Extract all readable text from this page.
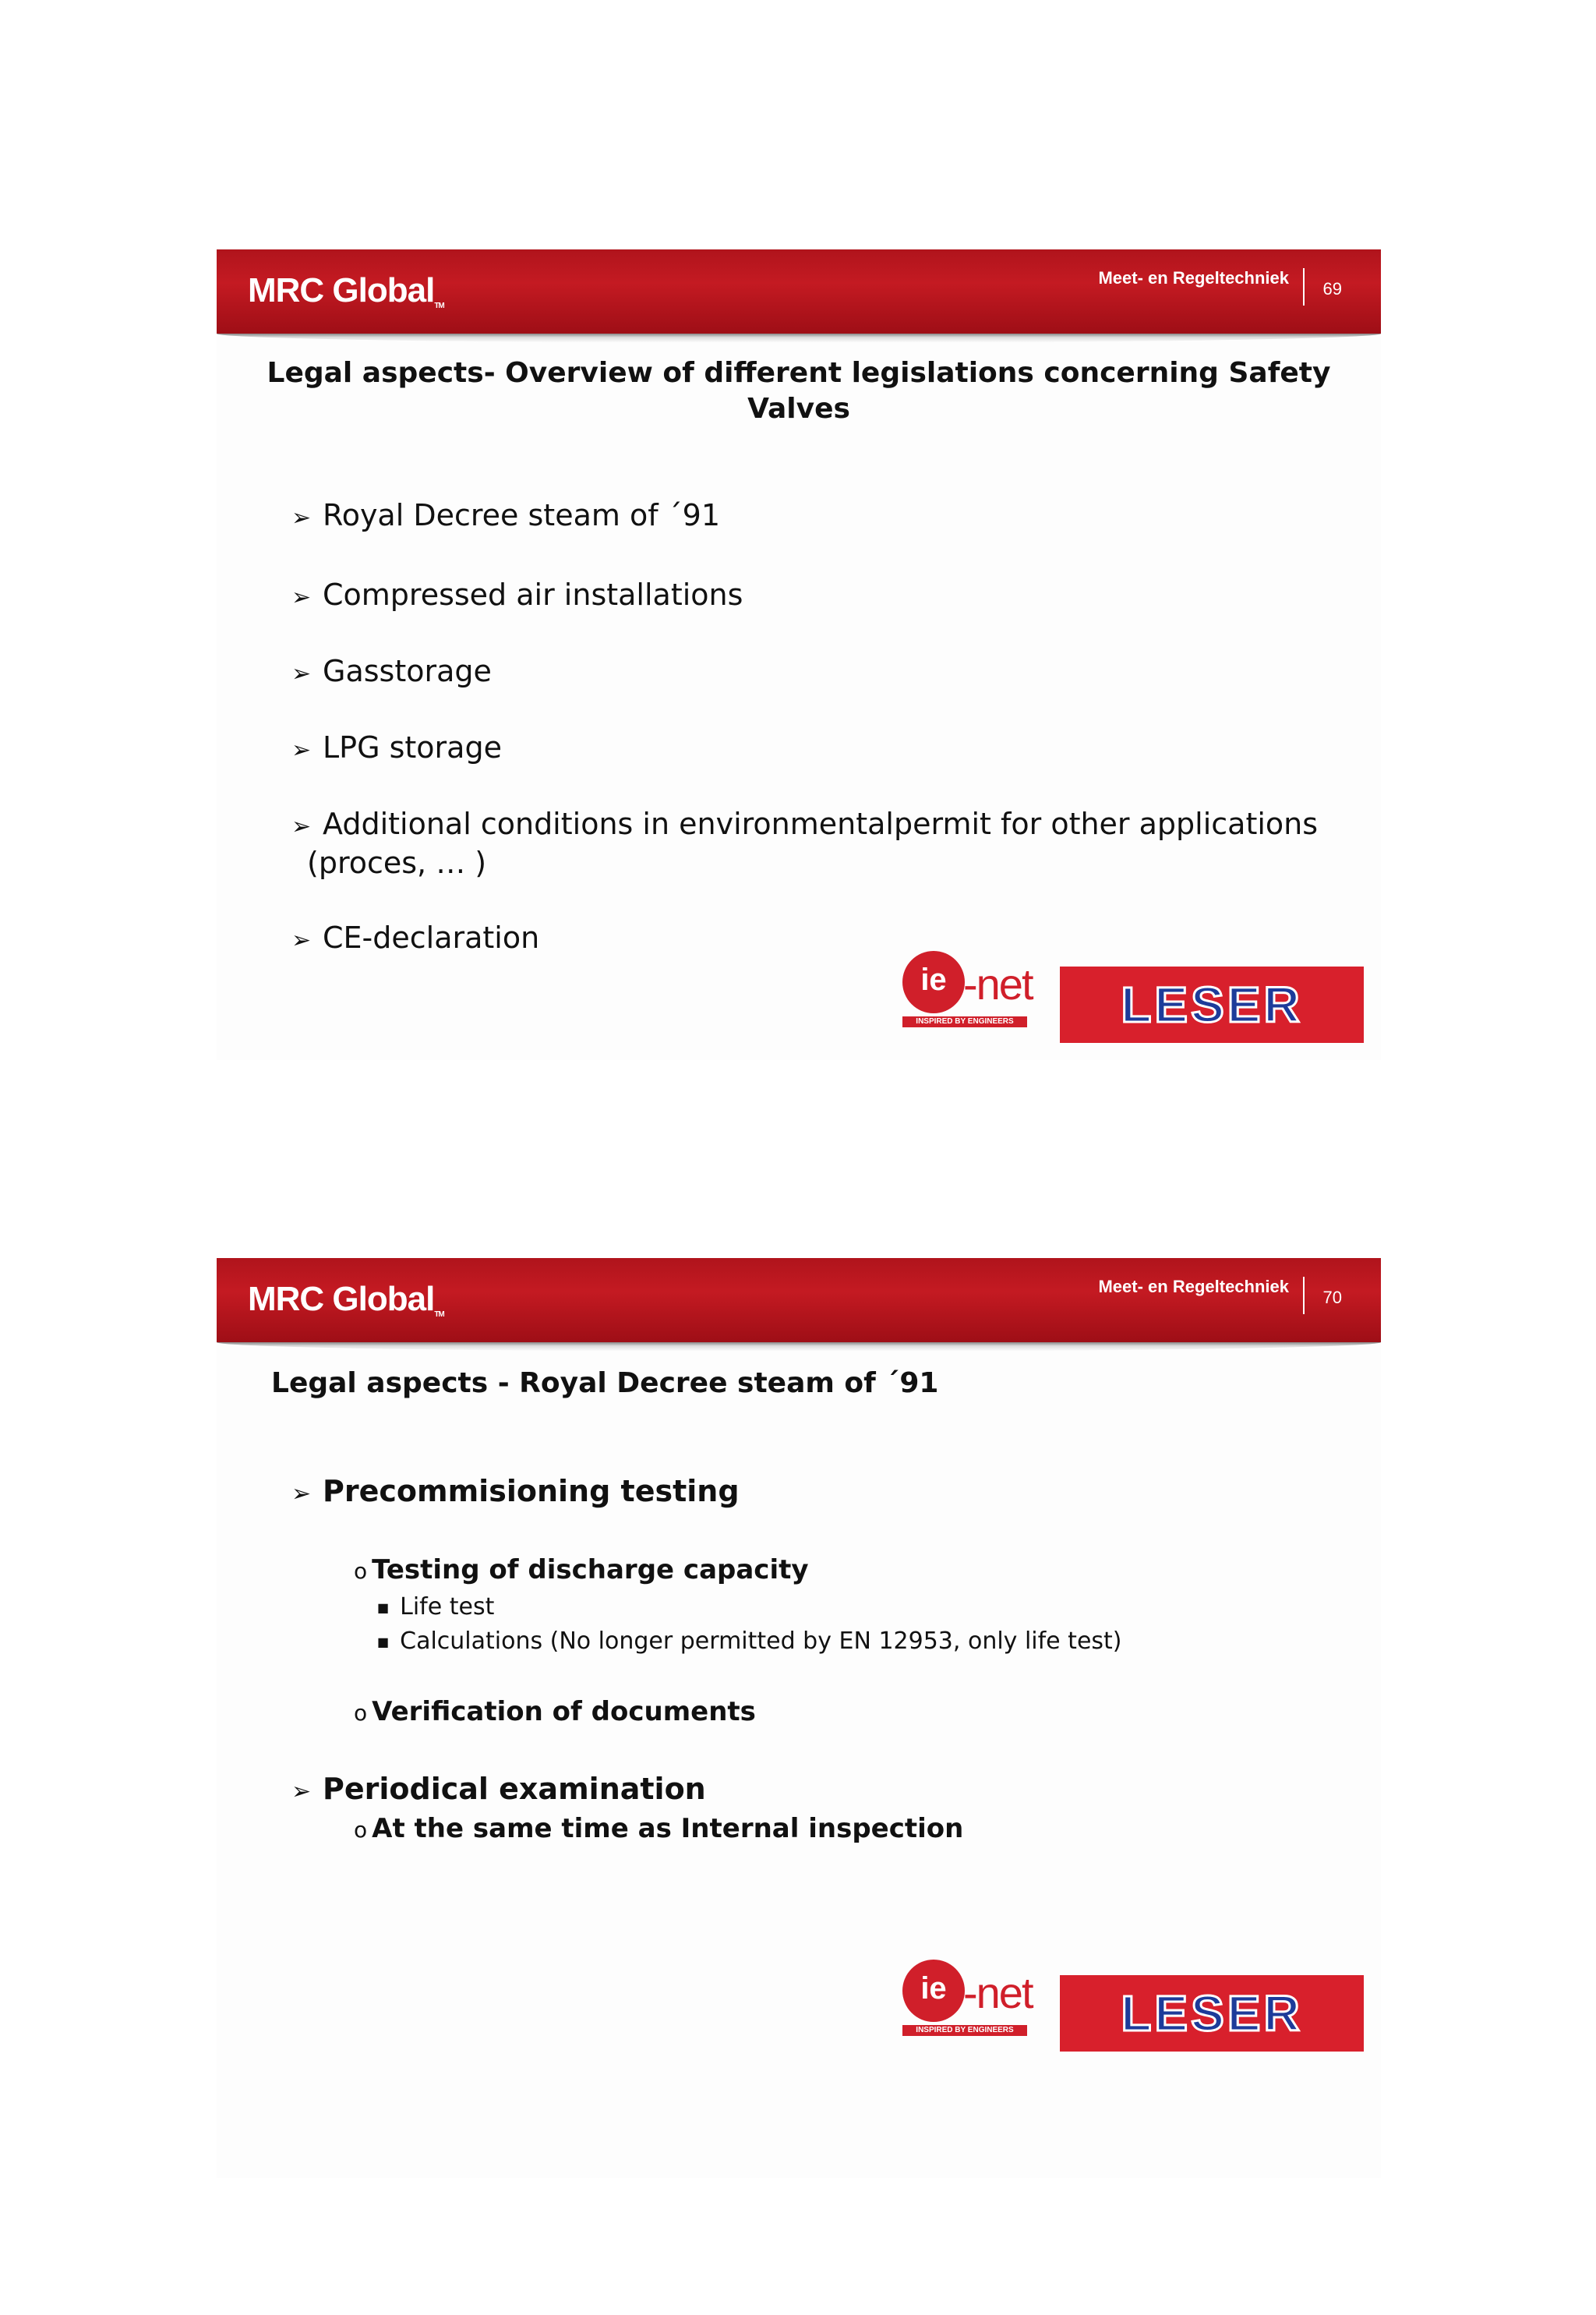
MRC GlobalTM
Meet- en Regeltechniek
69
Legal aspects- Overview of different legislations concerning Safety
Valves
➢ Royal Decree steam of ´91
➢ Compressed air installations
➢ Gasstorage
➢ LPG storage
➢ Additional conditions in environmentalpermit for other applications
(proces, … )
➢ CE-declaration
ie -net
INSPIRED BY ENGINEERS LESER
MRC GlobalTM
Meet- en Regeltechniek
70
Legal aspects - Royal Decree steam of ´91
➢ Precommisioning testing
o Testing of discharge capacity
■ Life test
■ Calculations (No longer permitted by EN 12953, only life test)
o Verification of documents
➢ Periodical examination
o At the same time as Internal inspection
ie -net
INSPIRED BY ENGINEERS LESER
